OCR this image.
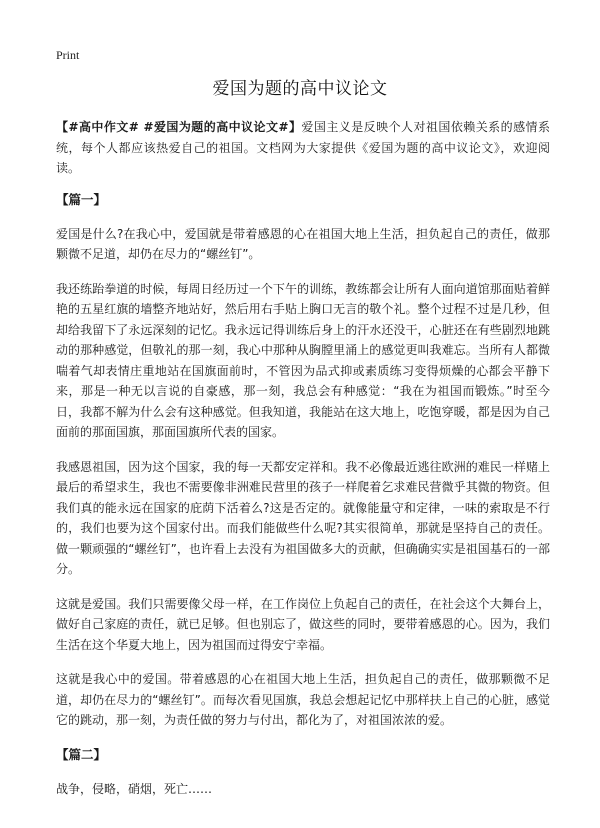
Print
爱国为题的高中议论文

【#高中作文# #爱国为题的高中议论文#】爱国主义是反映个人对祖国依赖关系的感情系统，每个人都应该热爱自己的祖国。文档网为大家提供《爱国为题的高中议论文》，欢迎阅读。

【篇一】

爱国是什么?在我心中，爱国就是带着感恩的心在祖国大地上生活，担负起自己的责任，做那颗微不足道，却仍在尽力的“螺丝钉”。

我还练跆拳道的时候，每周日经历过一个下午的训练，教练都会让所有人面向道馆那面贴着鲜艳的五星红旗的墙整齐地站好，然后用右手贴上胸口无言的敬个礼。整个过程不过是几秒，但却给我留下了永远深刻的记忆。我永远记得训练后身上的汗水还没干，心脏还在有些剧烈地跳动的那种感觉，但敬礼的那一刻，我心中那种从胸膛里涌上的感觉更叫我难忘。当所有人都微喘着气却表情庄重地站在国旗面前时，不管因为品式抑或素质练习变得烦燥的心都会平静下来，那是一种无以言说的自豪感，那一刻，我总会有种感觉：“我在为祖国而锻炼。”时至今日，我都不解为什么会有这种感觉。但我知道，我能站在这大地上，吃饱穿暖，都是因为自己面前的那面国旗，那面国旗所代表的国家。

我感恩祖国，因为这个国家，我的每一天都安定祥和。我不必像最近逃往欧洲的难民一样赌上最后的希望求生，我也不需要像非洲难民营里的孩子一样爬着乞求难民营微乎其微的物资。但我们真的能永远在国家的庇荫下活着么?这是否定的。就像能量守和定律，一味的索取是不行的，我们也要为这个国家付出。而我们能做些什么呢?其实很简单，那就是坚持自己的责任。做一颗顽强的“螺丝钉”，也许看上去没有为祖国做多大的贡献，但确确实实是祖国基石的一部分。

这就是爱国。我们只需要像父母一样，在工作岗位上负起自己的责任，在社会这个大舞台上，做好自己家庭的责任，就已足够。但也别忘了，做这些的同时，要带着感恩的心。因为，我们生活在这个华夏大地上，因为祖国而过得安宁幸福。

这就是我心中的爱国。带着感恩的心在祖国大地上生活，担负起自己的责任，做那颗微不足道，却仍在尽力的“螺丝钉”。而每次看见国旗，我总会想起记忆中那样扶上自己的心脏，感觉它的跳动，那一刻，为责任做的努力与付出，都化为了，对祖国浓浓的爱。

【篇二】

战争，侵略，硝烟，死亡……
